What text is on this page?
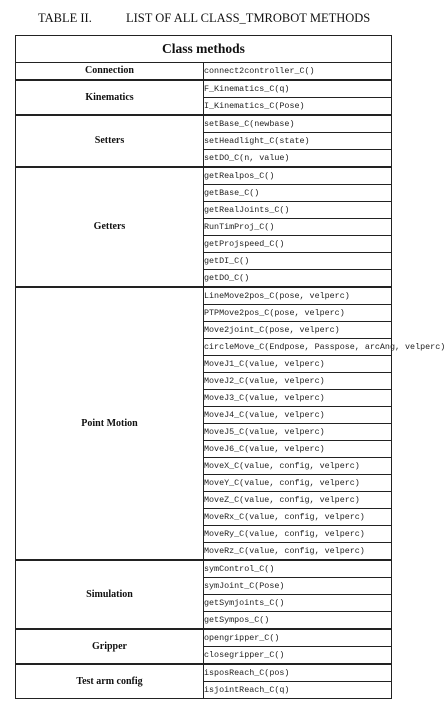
TABLE II.	LIST OF ALL CLASS_TMROBOT METHODS
Class methods	
Connection	connect2controller_C()
Kinematics	F_Kinematics_C(q)
	I_Kinematics_C(Pose)
Setters	setBase_C(newbase)
	setHeadlight_C(state)
	setDO_C(n, value)
Getters	getRealpos_C()
	getBase_C()
	getRealJoints_C()
	RunTimProj_C()
	getProjspeed_C()
	getDI_C()
	getDO_C()
Point Motion	LineMove2pos_C(pose, velperc)
	PTPMove2pos_C(pose, velperc)
	Move2joint_C(pose, velperc)
	circleMove_C(Endpose, Passpose, arcAng, velperc)
	MoveJ1_C(value, velperc)
	MoveJ2_C(value, velperc)
	MoveJ3_C(value, velperc)
	MoveJ4_C(value, velperc)
	MoveJ5_C(value, velperc)
	MoveJ6_C(value, velperc)
	MoveX_C(value, config, velperc)
	MoveY_C(value, config, velperc)
	MoveZ_C(value, config, velperc)
	MoveRx_C(value, config, velperc)
	MoveRy_C(value, config, velperc)
	MoveRz_C(value, config, velperc)
Simulation	symControl_C()
	symJoint_C(Pose)
	getSymjoints_C()
	getSympos_C()
Gripper	opengripper_C()
	closegripper_C()
Test arm config	isposReach_C(pos)
	isjointReach_C(q)
